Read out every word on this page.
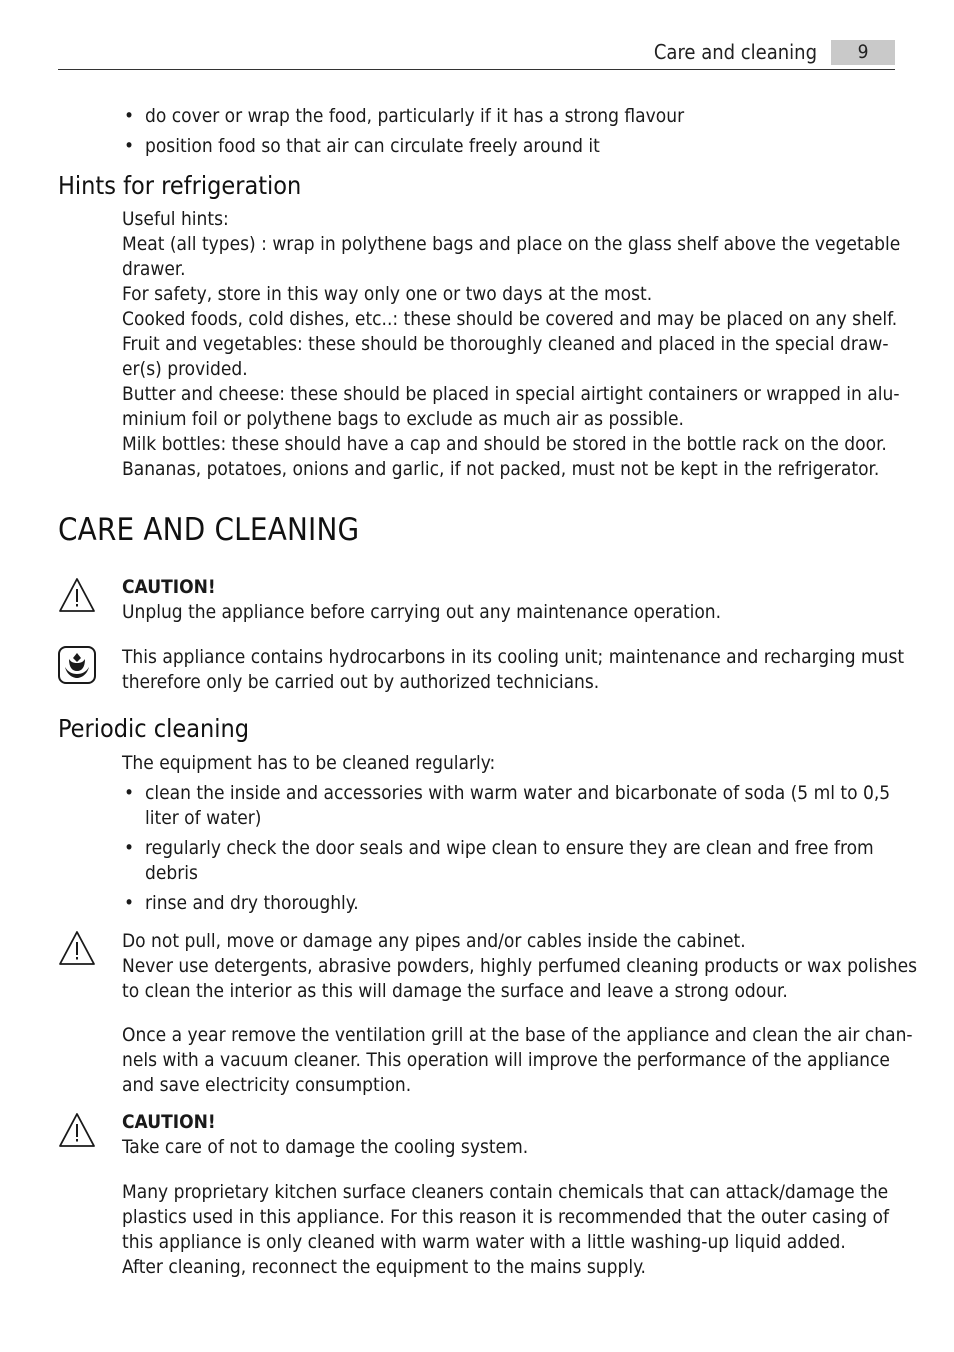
Care and cleaning	9
• do cover or wrap the food, particularly if it has a strong flavour
• position food so that air can circulate freely around it
Hints for refrigeration
Useful hints:
Meat (all types) : wrap in polythene bags and place on the glass shelf above the vegetable
drawer.
For safety, store in this way only one or two days at the most.
Cooked foods, cold dishes, etc..: these should be covered and may be placed on any shelf.
Fruit and vegetables: these should be thoroughly cleaned and placed in the special draw-
er(s) provided.
Butter and cheese: these should be placed in special airtight containers or wrapped in alu-
minium foil or polythene bags to exclude as much air as possible.
Milk bottles: these should have a cap and should be stored in the bottle rack on the door.
Bananas, potatoes, onions and garlic, if not packed, must not be kept in the refrigerator.
CARE AND CLEANING
CAUTION!
Unplug the appliance before carrying out any maintenance operation.
This appliance contains hydrocarbons in its cooling unit; maintenance and recharging must
therefore only be carried out by authorized technicians.
Periodic cleaning
The equipment has to be cleaned regularly:
• clean the inside and accessories with warm water and bicarbonate of soda (5 ml to 0,5
liter of water)
• regularly check the door seals and wipe clean to ensure they are clean and free from
debris
• rinse and dry thoroughly.
Do not pull, move or damage any pipes and/or cables inside the cabinet.
Never use detergents, abrasive powders, highly perfumed cleaning products or wax polishes
to clean the interior as this will damage the surface and leave a strong odour.
Once a year remove the ventilation grill at the base of the appliance and clean the air chan-
nels with a vacuum cleaner. This operation will improve the performance of the appliance
and save electricity consumption.
CAUTION!
Take care of not to damage the cooling system.
Many proprietary kitchen surface cleaners contain chemicals that can attack/damage the
plastics used in this appliance. For this reason it is recommended that the outer casing of
this appliance is only cleaned with warm water with a little washing-up liquid added.
After cleaning, reconnect the equipment to the mains supply.
